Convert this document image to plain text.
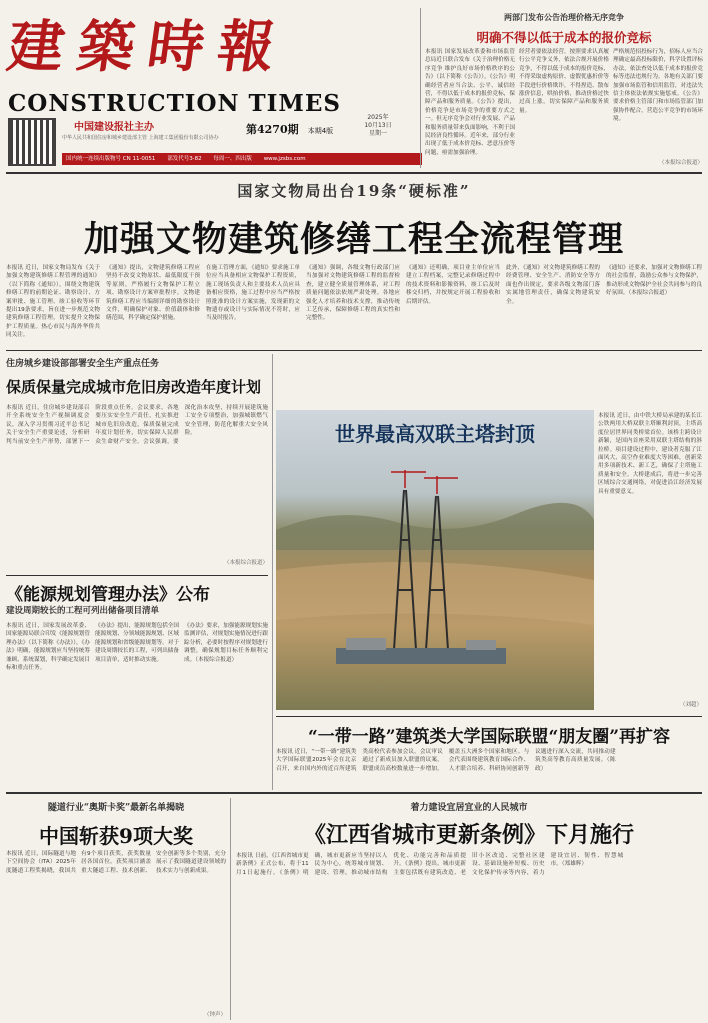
建築時報
CONSTRUCTION TIMES
中国建设报社主办
中华人民共和国住房和城乡建设部主管 上海建工集团股份有限公司协办
第4270期 本期4版
2025年
10月13日
星期一
国内统一连续出版物号 CN 11-0051 部发代号3-82 每周一、四出版 www.jzsbs.com
两部门发布公告治理价格无序竞争
明确不得以低于成本的报价竞标
本报讯 国家发展改革委和市场监管总局近日联合发布《关于治理价格无序竞争 维护良好市场价格秩序的公告》（以下简称《公告》），《公告》明确经营者应当合法、公平、诚信经营，不得以低于成本的报价竞标，保障产品和服务质量。《公告》提出，价格竞争是市场竞争的重要方式之一。但无序竞争会对行业发展、产品和服务质量带来负面影响，不利于国民经济良性循环。近年来，部分行业出现了低于成本价竞标、恶意压价等问题，亟需加强治理。
经营者要依法经营，按照要求认真履行公平竞争义务，依法合规开展价格竞争，不得以低于成本的报价竞标，不得采取虚构原价、虚假优惠折价等手段进行价格欺诈，不得捏造、散布涨价信息，哄抬价格，推动价格过快过高上涨，切实保障产品和服务质量。
严格规范招投标行为，招标人应当合理确定最高投标限价，科学设置评标办法，依法查处以低于成本的报价竞标等违法违规行为。各地有关部门要加强市场监管和信用监管，对违法失信主体依法依规实施惩戒。《公告》要求价格主管部门和市场监管部门加强协作配合，营造公平竞争的市场环境。
（本报综合报道）
国家文物局出台19条“硬标准”
加强文物建筑修缮工程全流程管理
本报讯 近日，国家文物局发布《关于加强文物建筑修缮工程管理的通知》（以下简称《通知》），围绕文物建筑修缮工程的前期论证、勘察设计、方案审批、施工管理、竣工验收等环节提出19条要求，旨在进一步规范文物建筑修缮工程管理，切实提升文物保护工程质量。热心市民与海外华侨共同关注。
《通知》提出，文物建筑修缮工程应坚持不改变文物原状、最低限度干预等原则，严格履行文物保护工程立项、勘察设计方案审批程序。文物建筑修缮工程应当编制详细的勘察设计文件，明确保护对象、价值载体和修缮范围，科学确定保护措施。
在施工管理方面，《通知》要求施工单位应当具备相应文物保护工程资质，施工现场负责人和主要技术人员应具备相应资格，施工过程中应当严格按照批准的设计方案实施，发现新的文物遗存或设计与实际情况不符时，应当及时报告。
《通知》强调，各级文物行政部门应当加强对文物建筑修缮工程的监督检查，建立健全质量管理体系，对工程质量问题依法依规严肃处理。各地应强化人才培养和技术支撑，推动传统工艺传承，保障修缮工程的真实性和完整性。
《通知》还明确，项目业主单位应当建立工程档案，完整记录修缮过程中的技术资料和影像资料，竣工后及时移交归档，并按规定开展工程验收和后期评估。
此外，《通知》对文物建筑修缮工程的经费管理、安全生产、消防安全等方面也作出规定，要求各级文物部门落实属地管理责任，确保文物建筑安全。
《通知》还要求，加强对文物修缮工程的社会监督，鼓励公众参与文物保护，推动形成文物保护全社会共同参与的良好氛围。（本报综合报道）
住房城乡建设部部署安全生产重点任务
保质保量完成城市危旧房改造年度计划
本报讯 近日，住房城乡建设部召开全系统安全生产视频调度会议，深入学习贯彻习近平总书记关于安全生产重要论述，分析研判当前安全生产形势，部署下一阶段重点任务。会议要求，各地要压实安全生产责任，扎实推进城市危旧房改造，保质保量完成年度计划任务，切实保障人民群众生命财产安全。会议强调，要深化治本攻坚，持续开展建筑施工安全专项整治，加强城镇燃气安全管理，防范化解重大安全风险。
（本报综合报道）
《能源规划管理办法》公布
建设周期较长的工程可列出储备项目清单
本报讯 近日，国家发展改革委、国家能源局联合印发《能源规划管理办法》（以下简称《办法》），《办法》明确，能源规划应当坚持统筹兼顾、系统谋划，科学确定发展目标和重点任务。
《办法》提出，能源规划包括全国能源规划、分领域能源规划、区域能源规划和省级能源规划等。对于建设周期较长的工程，可列出储备项目清单，适时推动实施。
《办法》要求，加强能源规划实施监测评估，对规划实施情况进行跟踪分析，必要时按程序对规划进行调整，确保规划目标任务顺利完成。（本报综合报道）
世界最高双联主塔封顶
本报讯 近日，由中铁大桥局承建的某长江公铁两用大桥双联主塔顺利封顶，主塔高度位居世界同类桥梁首位。该桥主跨设计新颖，是国内首座采用双联主塔结构的斜拉桥。项目建设过程中，建设者克服了江面风大、高空作业难度大等困难，创新采用多项新技术、新工艺，确保了主塔施工质量和安全。大桥建成后，将进一步完善区域综合交通网络，对促进沿江经济发展具有重要意义。
（刘超）
“一带一路”建筑类大学国际联盟“朋友圈”再扩容
本报讯 近日，“一带一路”建筑类大学国际联盟2025年会在北京召开，来自国内外的近百所建筑类高校代表参加会议。会议审议通过了新成员加入联盟的议案，联盟成员高校数量进一步增加，覆盖五大洲多个国家和地区。与会代表围绕建筑教育国际合作、人才联合培养、科研协同创新等议题进行深入交流，共同推动建筑类高等教育高质量发展。（陈政）
隧道行业“奥斯卡奖”最新名单揭晓
中国斩获9项大奖
本报讯 近日，国际隧道与地下空间协会（ITA）2025年度隧道工程奖揭晓，我国共有9个项目获奖，获奖数量居各国首位。获奖项目涵盖重大隧道工程、技术创新、安全创新等多个类别，充分展示了我国隧道建设领域的技术实力与创新成果。
（钟声）
着力建设宜居宜业的人民城市
《江西省城市更新条例》下月施行
本报讯 日前，《江西省城市更新条例》正式公布，将于11月1日起施行。《条例》明确，城市更新应当坚持以人民为中心，统筹城市规划、建设、管理，推动城市结构优化、功能完善和品质提升。《条例》提出，城市更新主要包括既有建筑改造、老旧小区改造、完整社区建设、基础设施补短板、历史文化保护传承等内容，着力建设宜居、韧性、智慧城市。（郑雄辉）
